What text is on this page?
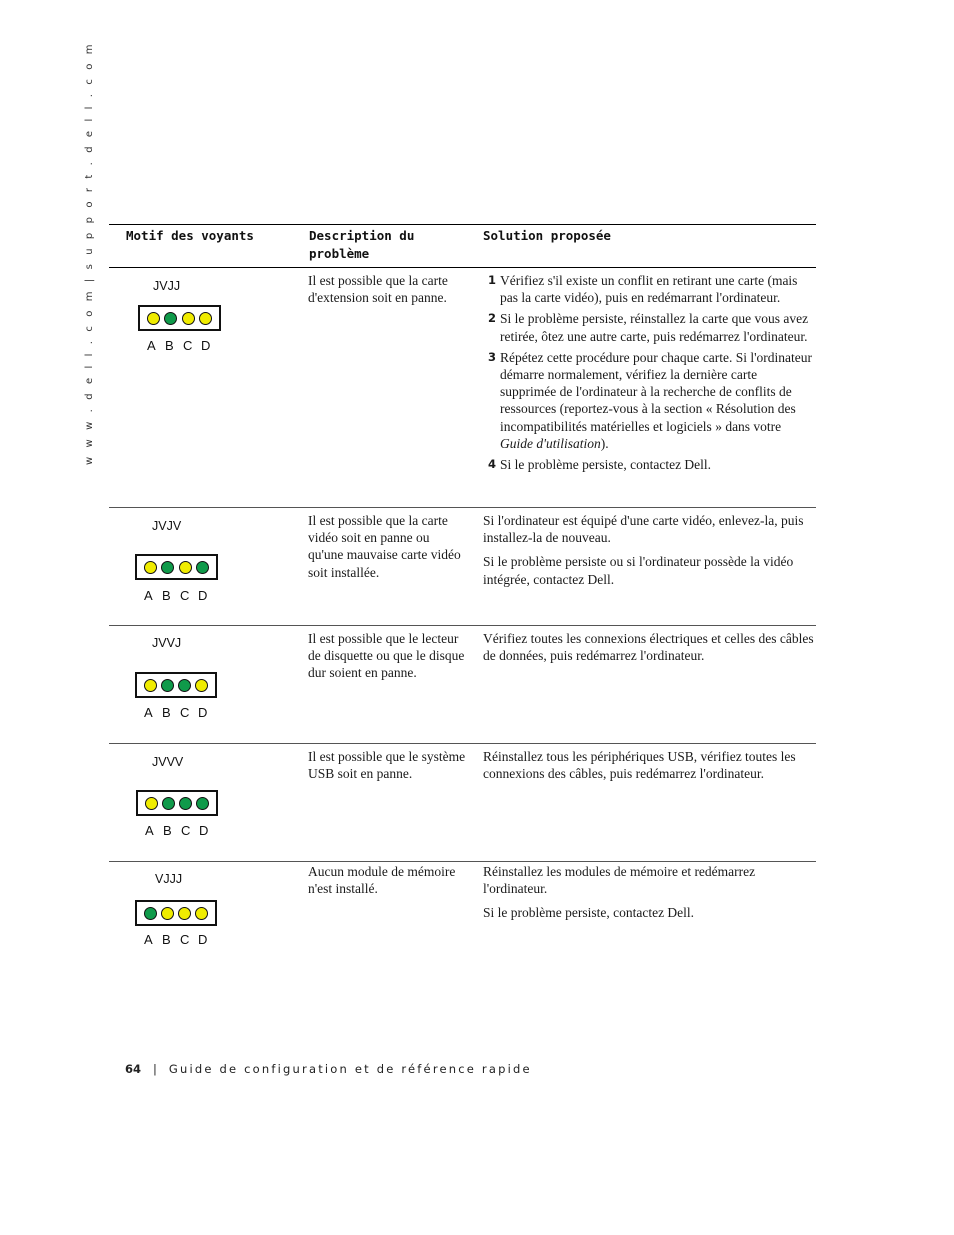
w w w . d e l l . c o m | s u p p o r t . d e l l . c o m Motif des voyants	Description du problème
Solution proposée
JVJJ
A B C D
Il est possible que la carte d'extension soit en panne.
1 Vérifiez s'il existe un conflit en retirant une carte (mais pas la carte vidéo), puis en redémarrant l'ordinateur.
2 Si le problème persiste, réinstallez la carte que vous avez retirée, ôtez une autre carte, puis redémarrez l'ordinateur.
3 Répétez cette procédure pour chaque carte. Si l'ordinateur démarre normalement, vérifiez la dernière carte supprimée de l'ordinateur à la recherche de conflits de ressources (reportez-vous à la section « Résolution des incompatibilités matérielles et logiciels » dans votre Guide d'utilisation).
4 Si le problème persiste, contactez Dell.
JVJV
A B C D
Il est possible que la carte vidéo soit en panne ou qu'une mauvaise carte vidéo soit installée.

Si l'ordinateur est équipé d'une carte vidéo, enlevez-la, puis installez-la de nouveau.

Si le problème persiste ou si l'ordinateur possède la vidéo intégrée, contactez Dell.

JVVJ
A B C D
Il est possible que le lecteur de disquette ou que le disque dur soient en panne.

Vérifiez toutes les connexions électriques et celles des câbles de données, puis redémarrez l'ordinateur.

JVVV
A B C D
Il est possible que le système USB soit en panne.

Réinstallez tous les périphériques USB, vérifiez toutes les connexions des câbles, puis redémarrez l'ordinateur.

VJJJ
A B C D
Aucun module de mémoire n'est installé.

Réinstallez les modules de mémoire et redémarrez l'ordinateur.

Si le problème persiste, contactez Dell.

64 | Guide de configuration et de référence rapide
